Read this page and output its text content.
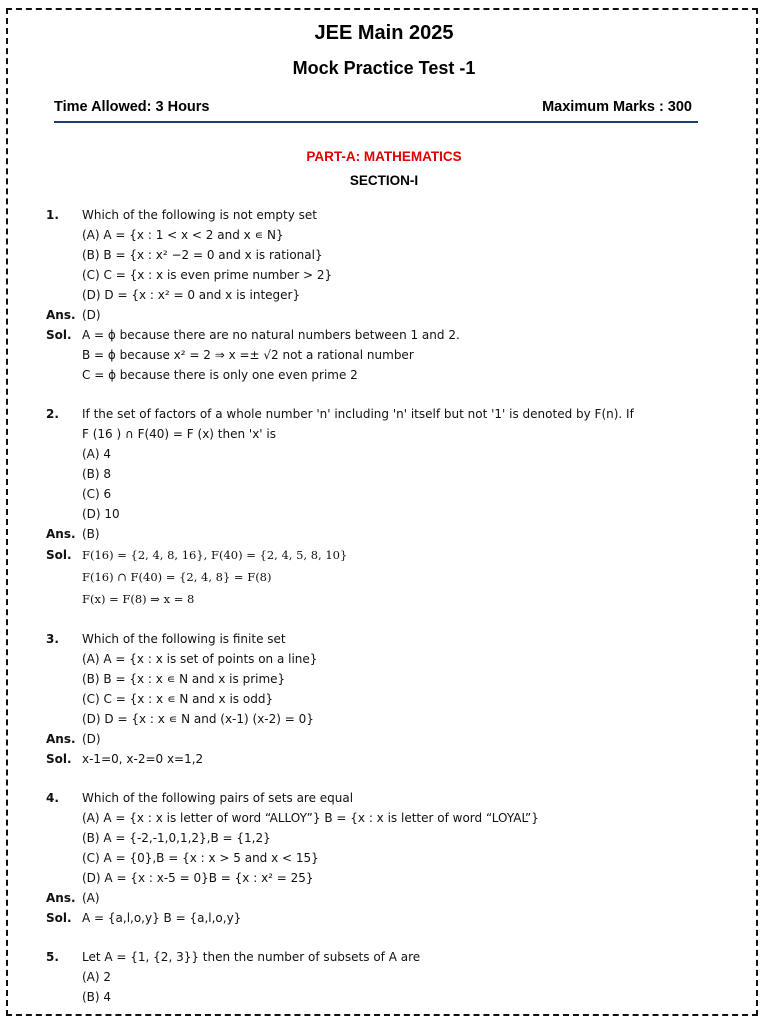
JEE Main 2025
Mock Practice Test -1
Time Allowed: 3 Hours	Maximum Marks : 300
PART-A: MATHEMATICS
SECTION-I
1. Which of the following is not empty set
(A) A = {x : 1 < x < 2 and x ∊ N}
(B) B = {x : x² −2 = 0 and x is rational}
(C) C = {x : x is even prime number > 2}
(D) D = {x : x² = 0 and x is integer}
Ans. (D)
Sol. A = ϕ because there are no natural numbers between 1 and 2.
B = ϕ because x² = 2 ⇒ x =± √2 not a rational number
C = ϕ because there is only one even prime 2
2. If the set of factors of a whole number 'n' including 'n' itself but not '1' is denoted by F(n). If
F (16 ) ∩ F(40) = F (x) then 'x' is
(A) 4
(B) 8
(C) 6
(D) 10
Ans. (B)
Sol. F(16) = {2, 4, 8, 16}, F(40) = {2, 4, 5, 8, 10}
F(16) ∩ F(40) = {2, 4, 8} = F(8)
F(x) = F(8) ⇒ x = 8
3. Which of the following is finite set
(A) A = {x : x is set of points on a line}
(B) B = {x : x ∊ N and x is prime}
(C) C = {x : x ∊ N and x is odd}
(D) D = {x : x ∊ N and (x-1) (x-2) = 0}
Ans. (D)
Sol. x-1=0, x-2=0 x=1,2
4. Which of the following pairs of sets are equal
(A) A = {x : x is letter of word “ALLOY”} B = {x : x is letter of word “LOYAL”}
(B) A = {-2,-1,0,1,2},B = {1,2}
(C) A = {0},B = {x : x > 5 and x < 15}
(D) A = {x : x-5 = 0}B = {x : x² = 25}
Ans. (A)
Sol. A = {a,l,o,y} B = {a,l,o,y}
5. Let A = {1, {2, 3}} then the number of subsets of A are
(A) 2
(B) 4
